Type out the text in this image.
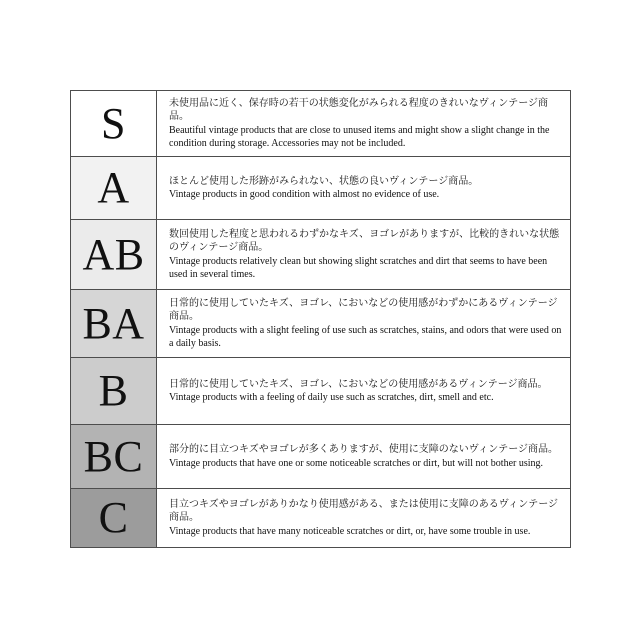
S	未使用品に近く、保存時の若干の状態変化がみられる程度のきれいなヴィンテージ商品。
Beautiful vintage products that are close to unused items and might show a slight change in the condition during storage. Accessories may not be included.
A	ほとんど使用した形跡がみられない、状態の良いヴィンテージ商品。
Vintage products in good condition with almost no evidence of use.
AB 数回使用した程度と思われるわずかなキズ、ヨゴレがありますが、比較的きれいな状態のヴィンテージ商品。
Vintage products relatively clean but showing slight scratches and dirt that seems to have been used in several times.
BA 日常的に使用していたキズ、ヨゴレ、においなどの使用感がわずかにあるヴィンテージ商品。
Vintage products with a slight feeling of use such as scratches, stains, and odors that were used on a daily basis.
B	日常的に使用していたキズ、ヨゴレ、においなどの使用感があるヴィンテージ商品。
Vintage products with a feeling of daily use such as scratches, dirt, smell and etc.
BC	部分的に目立つキズやヨゴレが多くありますが、使用に支障のないヴィンテージ商品。
Vintage products that have one or some noticeable scratches or dirt, but will not bother using.
C	目立つキズやヨゴレがありかなり使用感がある、または使用に支障のあるヴィンテージ商品。
Vintage products that have many noticeable scratches or dirt, or, have some trouble in use.
